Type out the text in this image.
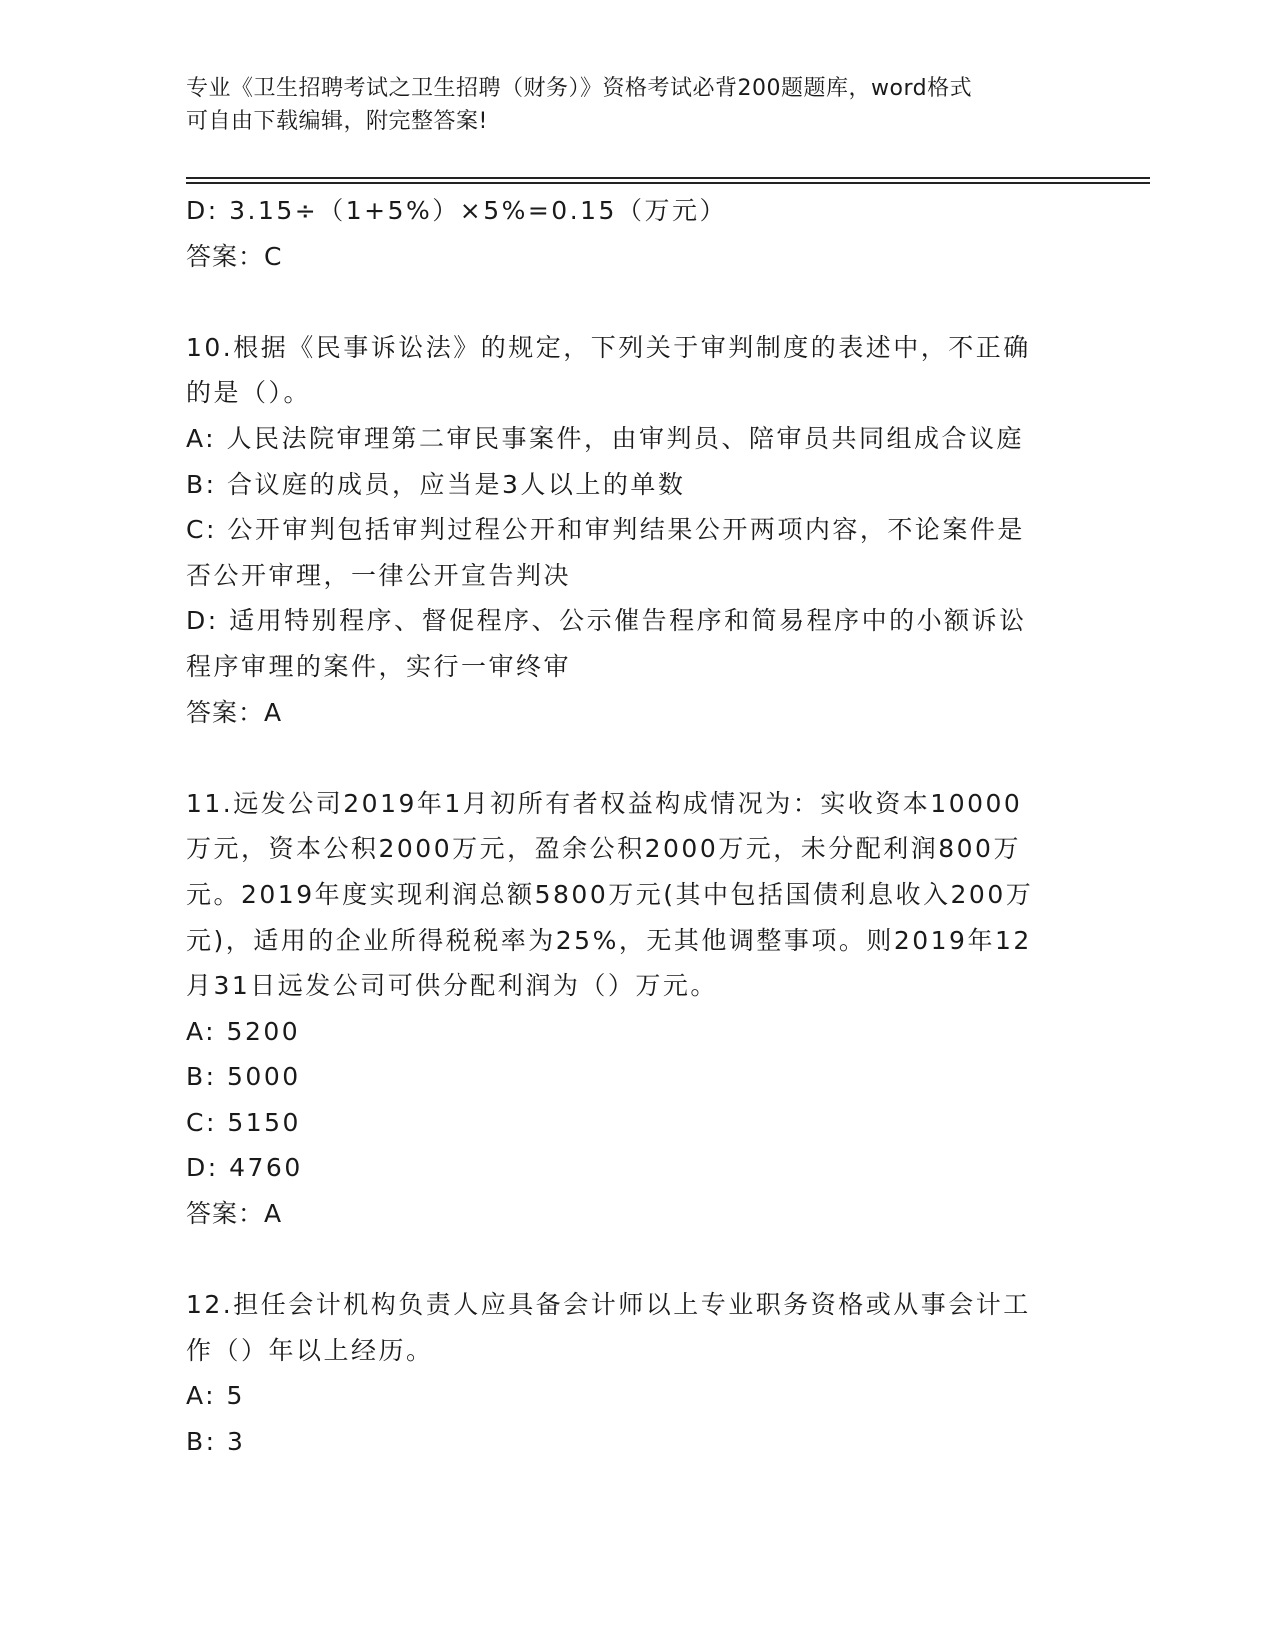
专业《卫生招聘考试之卫生招聘（财务）》资格考试必背200题题库，word格式
可自由下载编辑，附完整答案!
D: 3.15÷（1+5%）×5%=0.15（万元）
答案：C
10.根据《民事诉讼法》的规定，下列关于审判制度的表述中，不正确
的是（）。
A: 人民法院审理第二审民事案件，由审判员、陪审员共同组成合议庭
B: 合议庭的成员，应当是3人以上的单数
C: 公开审判包括审判过程公开和审判结果公开两项内容，不论案件是
否公开审理，一律公开宣告判决
D: 适用特别程序、督促程序、公示催告程序和简易程序中的小额诉讼
程序审理的案件，实行一审终审
答案：A
11.远发公司2019年1月初所有者权益构成情况为：实收资本10000
万元，资本公积2000万元，盈余公积2000万元，未分配利润800万
元。2019年度实现利润总额5800万元(其中包括国债利息收入200万
元)，适用的企业所得税税率为25%，无其他调整事项。则2019年12
月31日远发公司可供分配利润为（）万元。
A: 5200
B: 5000
C: 5150
D: 4760
答案：A
12.担任会计机构负责人应具备会计师以上专业职务资格或从事会计工
作（）年以上经历。
A: 5
B: 3
